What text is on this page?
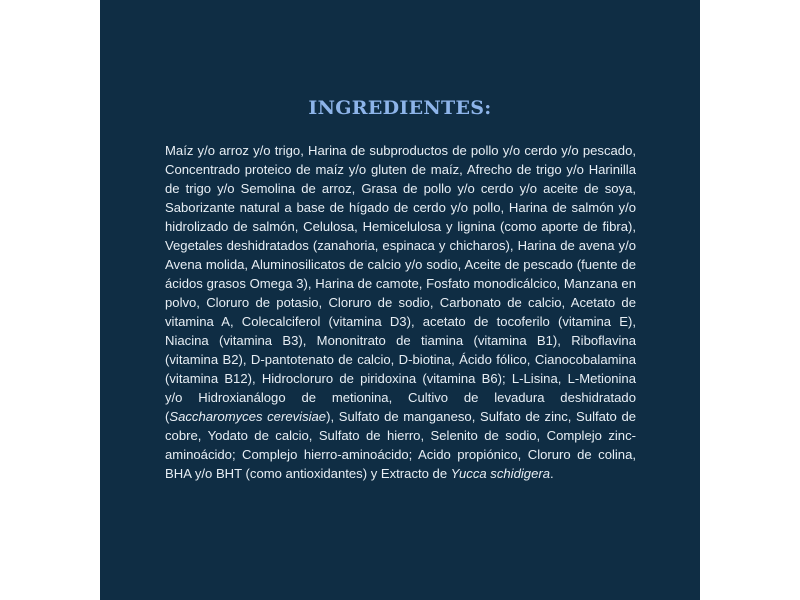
INGREDIENTES:

Maíz y/o arroz y/o trigo, Harina de subproductos de pollo y/o cerdo y/o pescado, Concentrado proteico de maíz y/o gluten de maíz, Afrecho de trigo y/o Harinilla de trigo y/o Semolina de arroz, Grasa de pollo y/o cerdo y/o aceite de soya, Saborizante natural a base de hígado de cerdo y/o pollo, Harina de salmón y/o hidrolizado de salmón, Celulosa, Hemicelulosa y lignina (como aporte de fibra), Vegetales deshidratados (zanahoria, espinaca y chicharos), Harina de avena y/o Avena molida, Aluminosilicatos de calcio y/o sodio, Aceite de pescado (fuente de ácidos grasos Omega 3), Harina de camote, Fosfato monodicálcico, Manzana en polvo, Cloruro de potasio, Cloruro de sodio, Carbonato de calcio, Acetato de vitamina A, Colecalciferol (vitamina D3), acetato de tocoferilo (vitamina E), Niacina (vitamina B3), Mononitrato de tiamina (vitamina B1), Riboflavina (vitamina B2), D-pantotenato de calcio, D-biotina, Ácido fólico, Cianocobalamina (vitamina B12), Hidrocloruro de piridoxina (vitamina B6); L-Lisina, L-Metionina y/o Hidroxianálogo de metionina, Cultivo de levadura deshidratado (Saccharomyces cerevisiae), Sulfato de manganeso, Sulfato de zinc, Sulfato de cobre, Yodato de calcio, Sulfato de hierro, Selenito de sodio, Complejo zinc-aminoácido; Complejo hierro-aminoácido; Acido propiónico, Cloruro de colina, BHA y/o BHT (como antioxidantes) y Extracto de Yucca schidigera.
